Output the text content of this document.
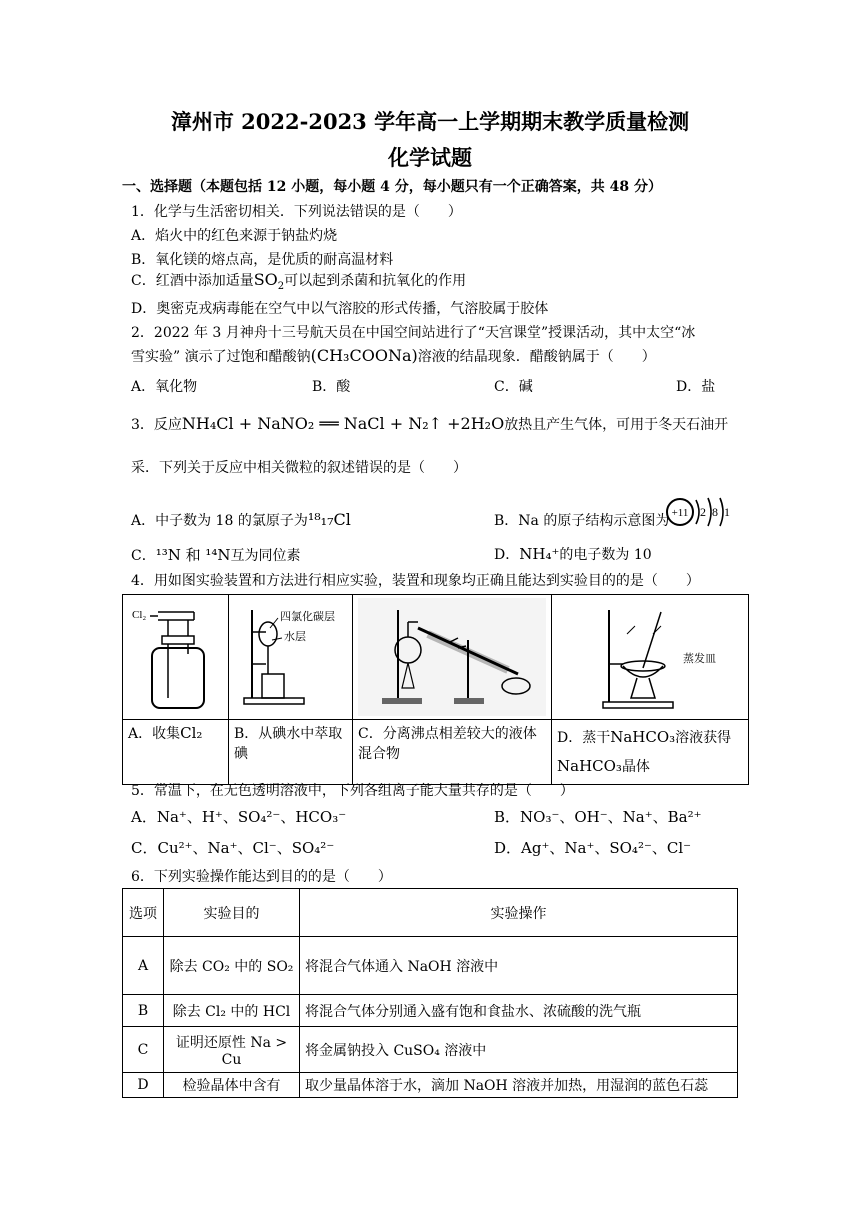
漳州市 2022-2023 学年高一上学期期末教学质量检测
化学试题
一、选择题（本题包括 12 小题，每小题 4 分，每小题只有一个正确答案，共 48 分）
1．化学与生活密切相关．下列说法错误的是（　　）
A．焰火中的红色来源于钠盐灼烧
B．氧化镁的熔点高，是优质的耐高温材料
C．红酒中添加适量$SO_2$可以起到杀菌和抗氧化的作用
D．奥密克戎病毒能在空气中以气溶胶的形式传播，气溶胶属于胶体
2．2022 年 3 月神舟十三号航天员在中国空间站进行了“天宫课堂”授课活动，其中太空“冰
雪实验” 演示了过饱和醋酸钠(CH₃COONa)溶液的结晶现象．醋酸钠属于（　　）
A．氧化物	B．酸	C．碱	D．盐
3．反应NH₄Cl + NaNO₂ ══ NaCl + N₂↑ +2H₂O放热且产生气体，可用于冬天石油开
采．下列关于反应中相关微粒的叙述错误的是（　　）
A．中子数为 18 的氯原子为¹⁸₁₇Cl	B．Na 的原子结构示意图为 +11 2 8 1
C．¹³N 和 ¹⁴N互为同位素	D．NH₄⁺的电子数为 10
4．用如图实验装置和方法进行相应实验，装置和现象均正确且能达到实验目的的是（　　）
Cl₂	四氯化碳层
水层		蒸发皿

A．收集Cl₂	B．从碘水中萃取碘	C．分离沸点相差较大的液体混合物	D．蒸干NaHCO₃溶液获得
NaHCO₃晶体
5．常温下，在无色透明溶液中，下列各组离子能大量共存的是（　　）
A．Na⁺、H⁺、SO₄²⁻、HCO₃⁻	B．NO₃⁻、OH⁻、Na⁺、Ba²⁺
C．Cu²⁺、Na⁺、Cl⁻、SO₄²⁻	D．Ag⁺、Na⁺、SO₄²⁻、Cl⁻
6．下列实验操作能达到目的的是（　　）
选项	实验目的	实验操作
A	除去 CO₂ 中的 SO₂	将混合气体通入 NaOH 溶液中
B	除去 Cl₂ 中的 HCl	将混合气体分别通入盛有饱和食盐水、浓硫酸的洗气瓶
C	证明还原性 Na > Cu	将金属钠投入 CuSO₄ 溶液中
D	检验晶体中含有	取少量晶体溶于水，滴加 NaOH 溶液并加热，用湿润的蓝色石蕊
